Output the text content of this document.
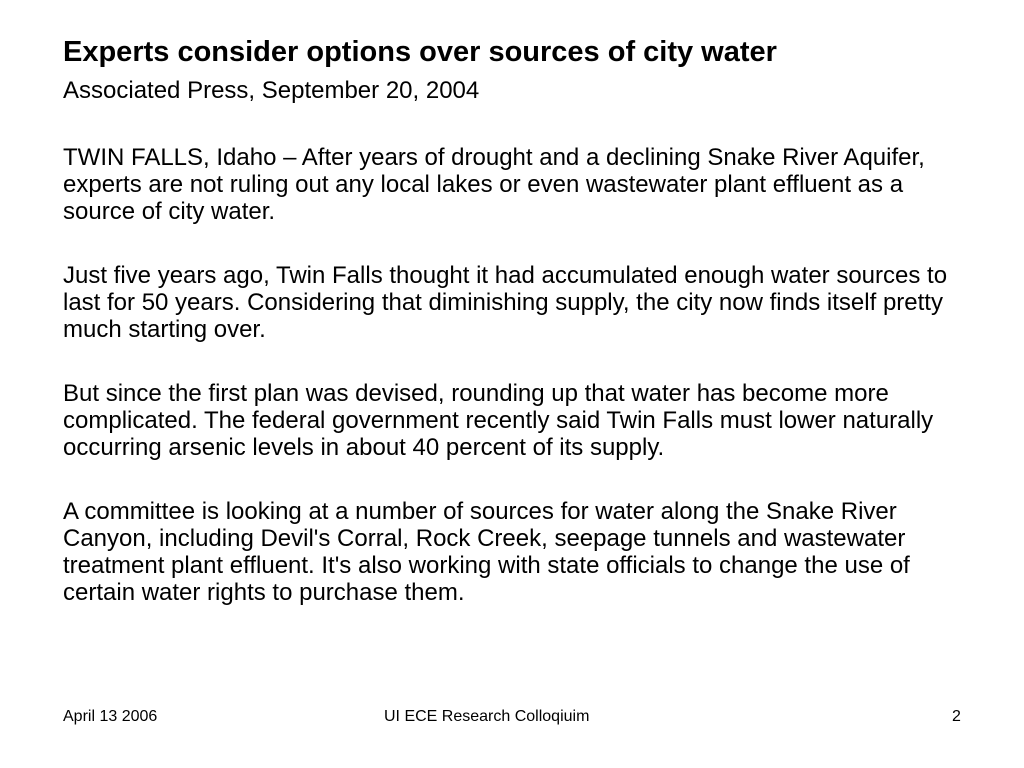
Experts consider options over sources of city water
Associated Press, September 20, 2004

TWIN FALLS, Idaho – After years of drought and a declining Snake River Aquifer, experts are not ruling out any local lakes or even wastewater plant effluent as a source of city water.

Just five years ago, Twin Falls thought it had accumulated enough water sources to last for 50 years. Considering that diminishing supply, the city now finds itself pretty much starting over.

But since the first plan was devised, rounding up that water has become more complicated. The federal government recently said Twin Falls must lower naturally occurring arsenic levels in about 40 percent of its supply.

A committee is looking at a number of sources for water along the Snake River Canyon, including Devil's Corral, Rock Creek, seepage tunnels and wastewater treatment plant effluent. It's also working with state officials to change the use of certain water rights to purchase them.

April 13 2006	UI ECE Research Colloqiuim	2
